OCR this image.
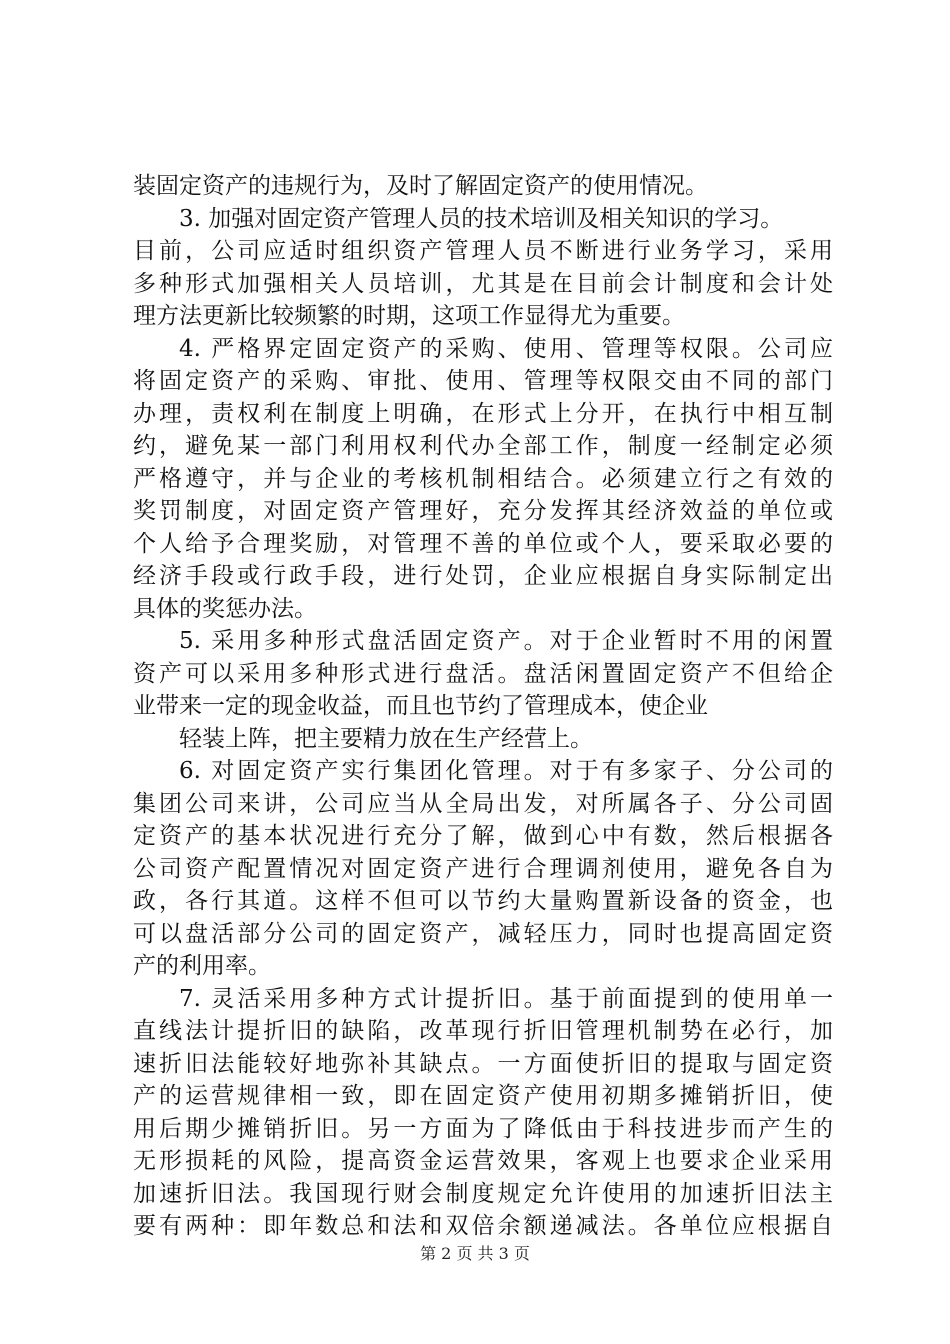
装固定资产的违规行为，及时了解固定资产的使用情况。
3. 加强对固定资产管理人员的技术培训及相关知识的学习。
目前，公司应适时组织资产管理人员不断进行业务学习，采用
多种形式加强相关人员培训，尤其是在目前会计制度和会计处
理方法更新比较频繁的时期，这项工作显得尤为重要。
4. 严格界定固定资产的采购、使用、管理等权限。公司应
将固定资产的采购、审批、使用、管理等权限交由不同的部门
办理，责权利在制度上明确，在形式上分开，在执行中相互制
约，避免某一部门利用权利代办全部工作，制度一经制定必须
严格遵守，并与企业的考核机制相结合。必须建立行之有效的
奖罚制度，对固定资产管理好，充分发挥其经济效益的单位或
个人给予合理奖励，对管理不善的单位或个人，要采取必要的
经济手段或行政手段，进行处罚，企业应根据自身实际制定出
具体的奖惩办法。
5. 采用多种形式盘活固定资产。对于企业暂时不用的闲置
资产可以采用多种形式进行盘活。盘活闲置固定资产不但给企
业带来一定的现金收益，而且也节约了管理成本，使企业
轻装上阵，把主要精力放在生产经营上。
6. 对固定资产实行集团化管理。对于有多家子、分公司的
集团公司来讲，公司应当从全局出发，对所属各子、分公司固
定资产的基本状况进行充分了解，做到心中有数，然后根据各
公司资产配置情况对固定资产进行合理调剂使用，避免各自为
政，各行其道。这样不但可以节约大量购置新设备的资金，也
可以盘活部分公司的固定资产，减轻压力，同时也提高固定资
产的利用率。
7. 灵活采用多种方式计提折旧。基于前面提到的使用单一
直线法计提折旧的缺陷，改革现行折旧管理机制势在必行，加
速折旧法能较好地弥补其缺点。一方面使折旧的提取与固定资
产的运营规律相一致，即在固定资产使用初期多摊销折旧，使
用后期少摊销折旧。另一方面为了降低由于科技进步而产生的
无形损耗的风险，提高资金运营效果，客观上也要求企业采用
加速折旧法。我国现行财会制度规定允许使用的加速折旧法主
要有两种：即年数总和法和双倍余额递减法。各单位应根据自
第 2 页 共 3 页
